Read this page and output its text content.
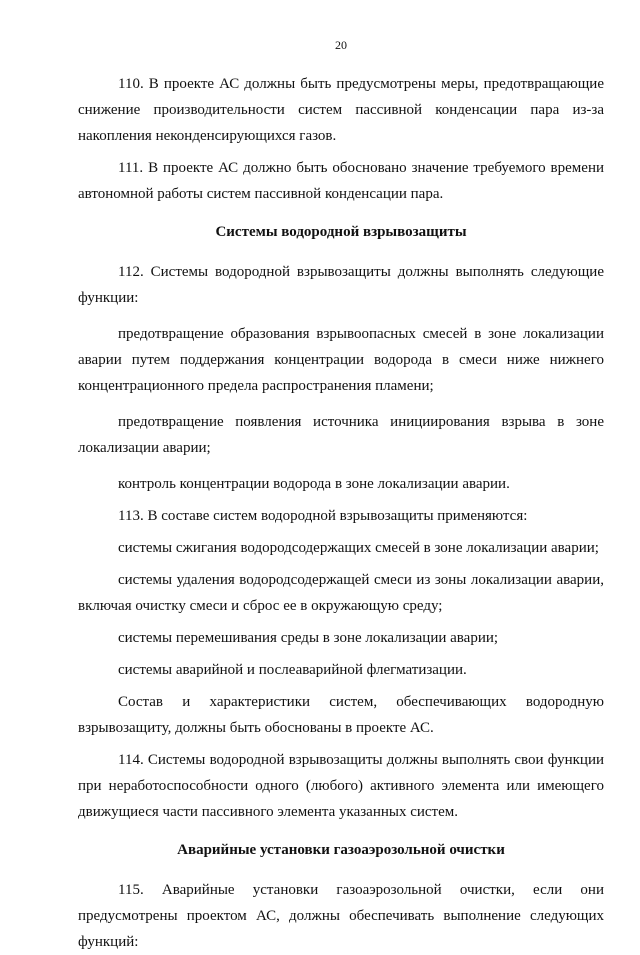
20

110. В проекте АС должны быть предусмотрены меры, предотвращающие снижение производительности систем пассивной конденсации пара из-за накопления неконденсирующихся газов.

111. В проекте АС должно быть обосновано значение требуемого времени автономной работы систем пассивной конденсации пара.

Системы водородной взрывозащиты

112. Системы водородной взрывозащиты должны выполнять следующие функции:

предотвращение образования взрывоопасных смесей в зоне локализации аварии путем поддержания концентрации водорода в смеси ниже нижнего концентрационного предела распространения пламени;

предотвращение появления источника инициирования взрыва в зоне локализации аварии;

контроль концентрации водорода в зоне локализации аварии.

113. В составе систем водородной взрывозащиты применяются:

системы сжигания водородсодержащих смесей в зоне локализации аварии;

системы удаления водородсодержащей смеси из зоны локализации аварии, включая очистку смеси и сброс ее в окружающую среду;

системы перемешивания среды в зоне локализации аварии;

системы аварийной и послеаварийной флегматизации.

Состав и характеристики систем, обеспечивающих водородную взрывозащиту, должны быть обоснованы в проекте АС.

114. Системы водородной взрывозащиты должны выполнять свои функции при неработоспособности одного (любого) активного элемента или имеющего движущиеся части пассивного элемента указанных систем.

Аварийные установки газоаэрозольной очистки

115. Аварийные установки газоаэрозольной очистки, если они предусмотрены проектом АС, должны обеспечивать выполнение следующих функций:
